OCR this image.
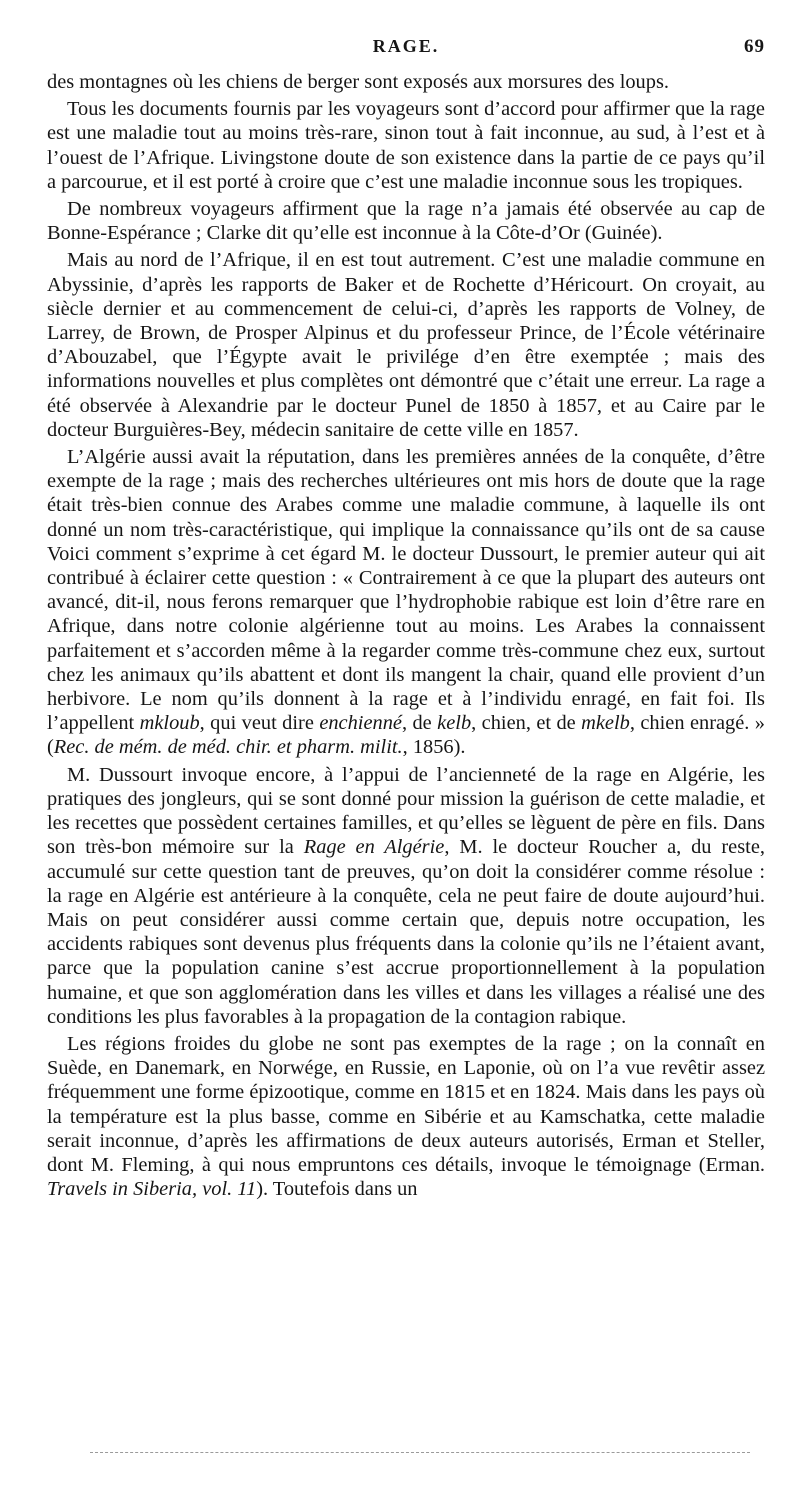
RAGE.	69

des montagnes où les chiens de berger sont exposés aux morsures des loups.

Tous les documents fournis par les voyageurs sont d’accord pour affirmer que la rage est une maladie tout au moins très-rare, sinon tout à fait inconnue, au sud, à l’est et à l’ouest de l’Afrique. Livingstone doute de son existence dans la partie de ce pays qu’il a parcourue, et il est porté à croire que c’est une maladie inconnue sous les tropiques.

De nombreux voyageurs affirment que la rage n’a jamais été observée au cap de Bonne-Espérance ; Clarke dit qu’elle est inconnue à la Côte-d’Or (Guinée).

Mais au nord de l’Afrique, il en est tout autrement. C’est une maladie commune en Abyssinie, d’après les rapports de Baker et de Rochette d’Héricourt. On croyait, au siècle dernier et au commencement de celui-ci, d’après les rapports de Volney, de Larrey, de Brown, de Prosper Alpinus et du professeur Prince, de l’École vétérinaire d’Abouzabel, que l’Égypte avait le privilége d’en être exemptée ; mais des informations nouvelles et plus complètes ont démontré que c’était une erreur. La rage a été observée à Alexandrie par le docteur Punel de 1850 à 1857, et au Caire par le docteur Burguières-Bey, médecin sanitaire de cette ville en 1857.

L’Algérie aussi avait la réputation, dans les premières années de la conquête, d’être exempte de la rage ; mais des recherches ultérieures ont mis hors de doute que la rage était très-bien connue des Arabes comme une maladie commune, à laquelle ils ont donné un nom très-caractéristique, qui implique la connaissance qu’ils ont de sa cause Voici comment s’exprime à cet égard M. le docteur Dussourt, le premier auteur qui ait contribué à éclairer cette question : « Contrairement à ce que la plupart des auteurs ont avancé, dit-il, nous ferons remarquer que l’hydrophobie rabique est loin d’être rare en Afrique, dans notre colonie algérienne tout au moins. Les Arabes la connaissent parfaitement et s’accorden même à la regarder comme très-commune chez eux, surtout chez les animaux qu’ils abattent et dont ils mangent la chair, quand elle provient d’un herbivore. Le nom qu’ils donnent à la rage et à l’individu enragé, en fait foi. Ils l’appellent mkloub, qui veut dire enchienné, de kelb, chien, et de mkelb, chien enragé. » (Rec. de mém. de méd. chir. et pharm. milit., 1856).

M. Dussourt invoque encore, à l’appui de l’ancienneté de la rage en Algérie, les pratiques des jongleurs, qui se sont donné pour mission la guérison de cette maladie, et les recettes que possèdent certaines familles, et qu’elles se lèguent de père en fils. Dans son très-bon mémoire sur la Rage en Algérie, M. le docteur Roucher a, du reste, accumulé sur cette question tant de preuves, qu’on doit la considérer comme résolue : la rage en Algérie est antérieure à la conquête, cela ne peut faire de doute aujourd’hui. Mais on peut considérer aussi comme certain que, depuis notre occupation, les accidents rabiques sont devenus plus fréquents dans la colonie qu’ils ne l’étaient avant, parce que la population canine s’est accrue proportionnellement à la population humaine, et que son agglomération dans les villes et dans les villages a réalisé une des conditions les plus favorables à la propagation de la contagion rabique.

Les régions froides du globe ne sont pas exemptes de la rage ; on la connaît en Suède, en Danemark, en Norwége, en Russie, en Laponie, où on l’a vue revêtir assez fréquemment une forme épizootique, comme en 1815 et en 1824. Mais dans les pays où la température est la plus basse, comme en Sibérie et au Kamschatka, cette maladie serait inconnue, d’après les affirmations de deux auteurs autorisés, Erman et Steller, dont M. Fleming, à qui nous empruntons ces détails, invoque le témoignage (Erman. Travels in Siberia, vol. 11). Toutefois dans un
